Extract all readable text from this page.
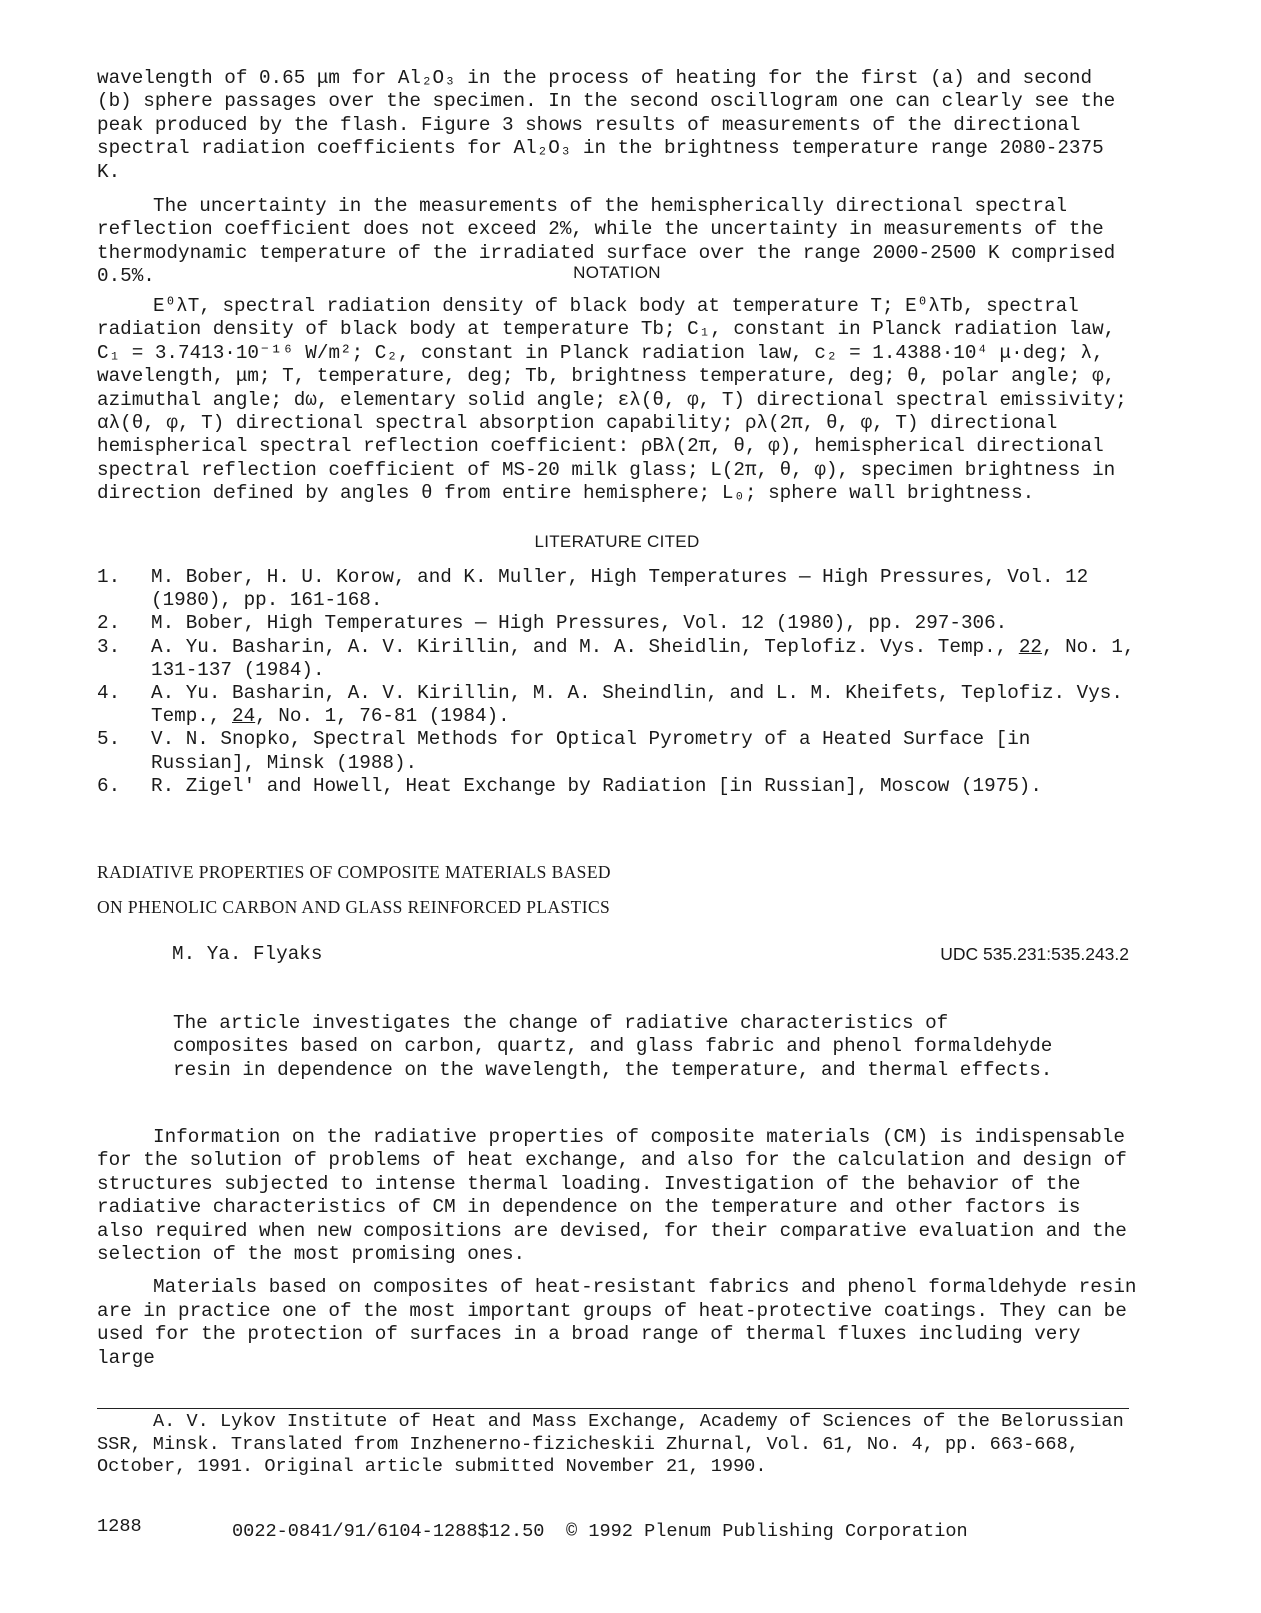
wavelength of 0.65 μm for Al₂O₃ in the process of heating for the first (a) and second (b) sphere passages over the specimen. In the second oscillogram one can clearly see the peak produced by the flash. Figure 3 shows results of measurements of the directional spectral radiation coefficients for Al₂O₃ in the brightness temperature range 2080-2375 K.

The uncertainty in the measurements of the hemispherically directional spectral reflection coefficient does not exceed 2%, while the uncertainty in measurements of the thermodynamic temperature of the irradiated surface over the range 2000-2500 K comprised 0.5%.	NOTATION

E⁰λT, spectral radiation density of black body at temperature T; E⁰λTb, spectral radiation density of black body at temperature Tb; C₁, constant in Planck radiation law, C₁ = 3.7413·10⁻¹⁶ W/m²; C₂, constant in Planck radiation law, c₂ = 1.4388·10⁴ μ·deg; λ, wavelength, μm; T, temperature, deg; Tb, brightness temperature, deg; θ, polar angle; φ, azimuthal angle; dω, elementary solid angle; ελ(θ, φ, T) directional spectral emissivity; αλ(θ, φ, T) directional spectral absorption capability; ρλ(2π, θ, φ, T) directional hemispherical spectral reflection coefficient: ρBλ(2π, θ, φ), hemispherical directional spectral reflection coefficient of MS-20 milk glass; L(2π, θ, φ), specimen brightness in direction defined by angles θ from entire hemisphere; L₀; sphere wall brightness.

LITERATURE CITED
1.	M. Bober, H. U. Korow, and K. Muller, High Temperatures — High Pressures, Vol. 12 (1980), pp. 161-168.
2.	M. Bober, High Temperatures — High Pressures, Vol. 12 (1980), pp. 297-306.
3.	A. Yu. Basharin, A. V. Kirillin, and M. A. Sheidlin, Teplofiz. Vys. Temp., 22, No. 1, 131-137 (1984).
4.	A. Yu. Basharin, A. V. Kirillin, M. A. Sheindlin, and L. M. Kheifets, Teplofiz. Vys. Temp., 24, No. 1, 76-81 (1984).
5.	V. N. Snopko, Spectral Methods for Optical Pyrometry of a Heated Surface [in Russian], Minsk (1988).
6.	R. Zigel' and Howell, Heat Exchange by Radiation [in Russian], Moscow (1975).
RADIATIVE PROPERTIES OF COMPOSITE MATERIALS BASED
ON PHENOLIC CARBON AND GLASS REINFORCED PLASTICS
M. Ya. Flyaks	UDC 535.231:535.243.2
The article investigates the change of radiative characteristics of composites based on carbon, quartz, and glass fabric and phenol formaldehyde resin in dependence on the wavelength, the temperature, and thermal effects.

Information on the radiative properties of composite materials (CM) is indispensable for the solution of problems of heat exchange, and also for the calculation and design of structures subjected to intense thermal loading. Investigation of the behavior of the radiative characteristics of CM in dependence on the temperature and other factors is also required when new compositions are devised, for their comparative evaluation and the selection of the most promising ones.

Materials based on composites of heat-resistant fabrics and phenol formaldehyde resin are in practice one of the most important groups of heat-protective coatings. They can be used for the protection of surfaces in a broad range of thermal fluxes including very large

A. V. Lykov Institute of Heat and Mass Exchange, Academy of Sciences of the Belorussian SSR, Minsk. Translated from Inzhenerno-fizicheskii Zhurnal, Vol. 61, No. 4, pp. 663-668, October, 1991. Original article submitted November 21, 1990.

1288	0022-0841/91/6104-1288$12.50 © 1992 Plenum Publishing Corporation
